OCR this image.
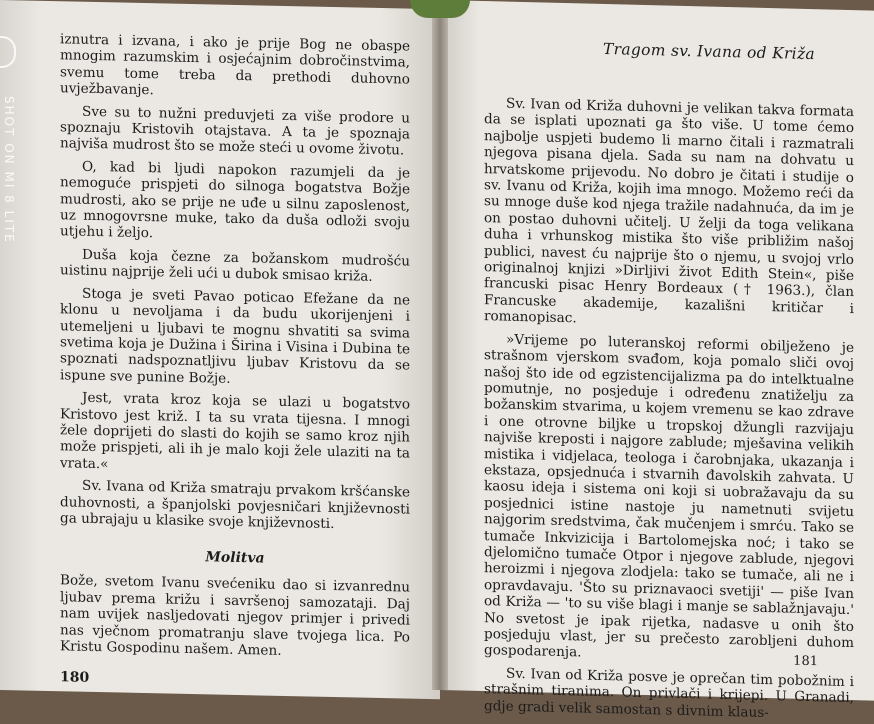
iznutra i izvana, i ako je prije Bog ne obaspe mnogim razumskim i osjećajnim dobročinstvima, svemu tome treba da prethodi duhovno uvježbavanje.

Sve su to nužni preduvjeti za više prodore u spoznaju Kristovih otajstava. A ta je spoznaja najviša mudrost što se može steći u ovome životu.

O, kad bi ljudi napokon razumjeli da je nemoguće prispjeti do silnoga bogatstva Božje mudrosti, ako se prije ne uđe u silnu zaposlenost, uz mnogovrsne muke, tako da duša odloži svoju utjehu i željo.

Duša koja čezne za božanskom mudrošću uistinu najprije želi ući u dubok smisao križa.

Stoga je sveti Pavao poticao Efežane da ne klonu u nevoljama i da budu ukorijenjeni i utemeljeni u ljubavi te mognu shvatiti sa svima svetima koja je Dužina i Širina i Visina i Dubina te spoznati nadspoznatljivu ljubav Kristovu da se ispune sve punine Božje.

Jest, vrata kroz koja se ulazi u bogatstvo Kristovo jest križ. I ta su vrata tijesna. I mnogi žele doprijeti do slasti do kojih se samo kroz njih može prispjeti, ali ih je malo koji žele ulaziti na ta vrata.«

Sv. Ivana od Križa smatraju prvakom kršćanske duhovnosti, a španjolski povjesničari književnosti ga ubrajaju u klasike svoje književnosti.

Molitva

Bože, svetom Ivanu svećeniku dao si izvanrednu ljubav prema križu i savršenoj samozataji. Daj nam uvijek nasljedovati njegov primjer i privedi nas vječnom promatranju slave tvojega lica. Po Kristu Gospodinu našem. Amen.

180
Tragom sv. Ivana od Križa

Sv. Ivan od Križa duhovni je velikan takva formata da se isplati upoznati ga što više. U tome ćemo najbolje uspjeti budemo li marno čitali i razmatrali njegova pisana djela. Sada su nam na dohvatu u hrvatskome prijevodu. No dobro je čitati i studije o sv. Ivanu od Križa, kojih ima mnogo. Možemo reći da su mnoge duše kod njega tražile nadahnuća, da im je on postao duhovni učitelj. U želji da toga velikana duha i vrhunskog mistika što više približim našoj publici, navest ću najprije što o njemu, u svojoj vrlo originalnoj knjizi »Dirljivi život Edith Stein«, piše francuski pisac Henry Bordeaux († 1963.), član Francuske akademije, kazališni kritičar i romanopisac.

»Vrijeme po luteranskoj reformi obilježeno je strašnom vjerskom svađom, koja pomalo sliči ovoj našoj što ide od egzistencijalizma pa do intelktualne pomutnje, no posjeduje i određenu znatiželju za božanskim stvarima, u kojem vremenu se kao zdrave i one otrovne biljke u tropskoj džungli razvijaju najviše kreposti i najgore zablude; mješavina velikih mistika i vidjelaca, teologa i čarobnjaka, ukazanja i ekstaza, opsjednuća i stvarnih đavolskih zahvata. U kaosu ideja i sistema oni koji si uobražavaju da su posjednici istine nastoje ju nametnuti svijetu najgorim sredstvima, čak mučenjem i smrću. Tako se tumače Inkvizicija i Bartolomejska noć; i tako se djelomično tumače Otpor i njegove zablude, njegovi heroizmi i njegova zlodjela: tako se tumače, ali ne i opravdavaju. 'Što su priznavaoci svetiji' — piše Ivan od Križa — 'to su više blagi i manje se sablažnjavaju.' No svetost je ipak rijetka, nadasve u onih što posjeduju vlast, jer su prečesto zarobljeni duhom gospodarenja.

Sv. Ivan od Križa posve je oprečan tim pobožnim i strašnim tiranima. On privlači i krijepi. U Granadi, gdje gradi velik samostan s divnim klaus-

181
SHOT ON MI 8 LITE
